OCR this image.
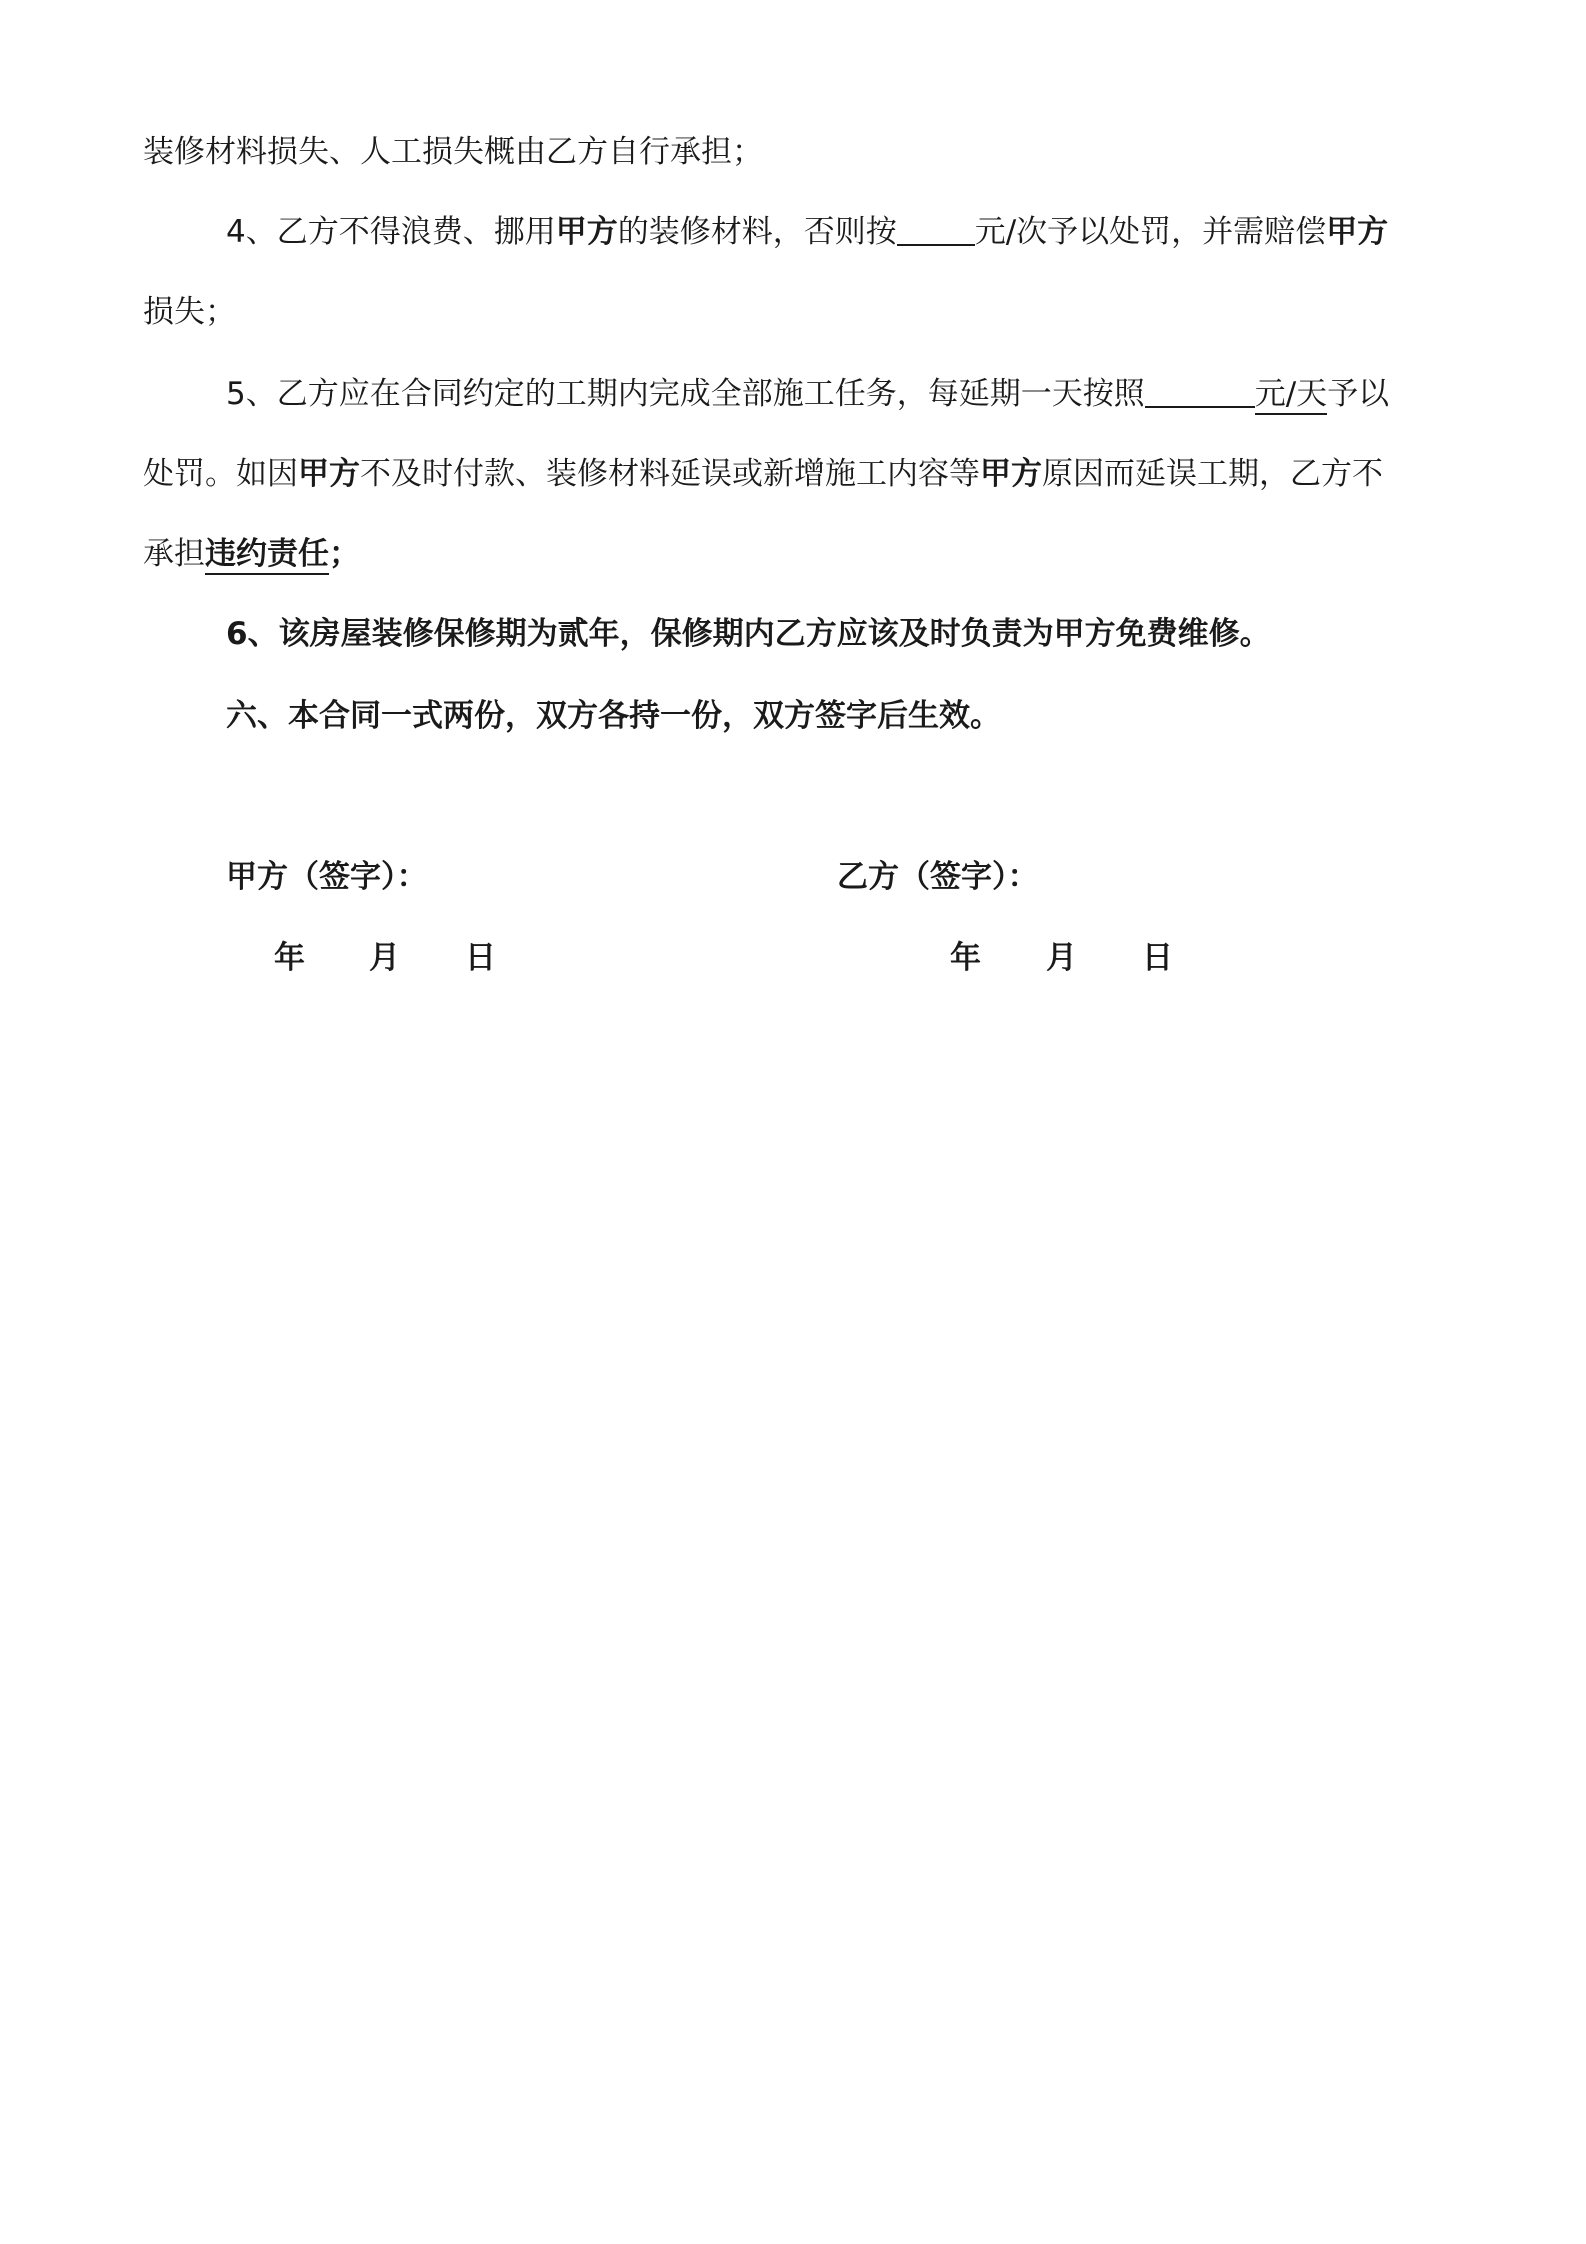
装修材料损失、人工损失概由乙方自行承担；

4、乙方不得浪费、挪用甲方的装修材料，否则按	元/次予以处罚，并需赔偿甲方

损失；

5、乙方应在合同约定的工期内完成全部施工任务，每延期一天按照	元/天予以

处罚。如因甲方不及时付款、装修材料延误或新增施工内容等甲方原因而延误工期，乙方不

承担违约责任；

6、该房屋装修保修期为贰年，保修期内乙方应该及时负责为甲方免费维修。

六、本合同一式两份，双方各持一份，双方签字后生效。

甲方（签字）：	乙方（签字）：

年 月 日	年 月 日
